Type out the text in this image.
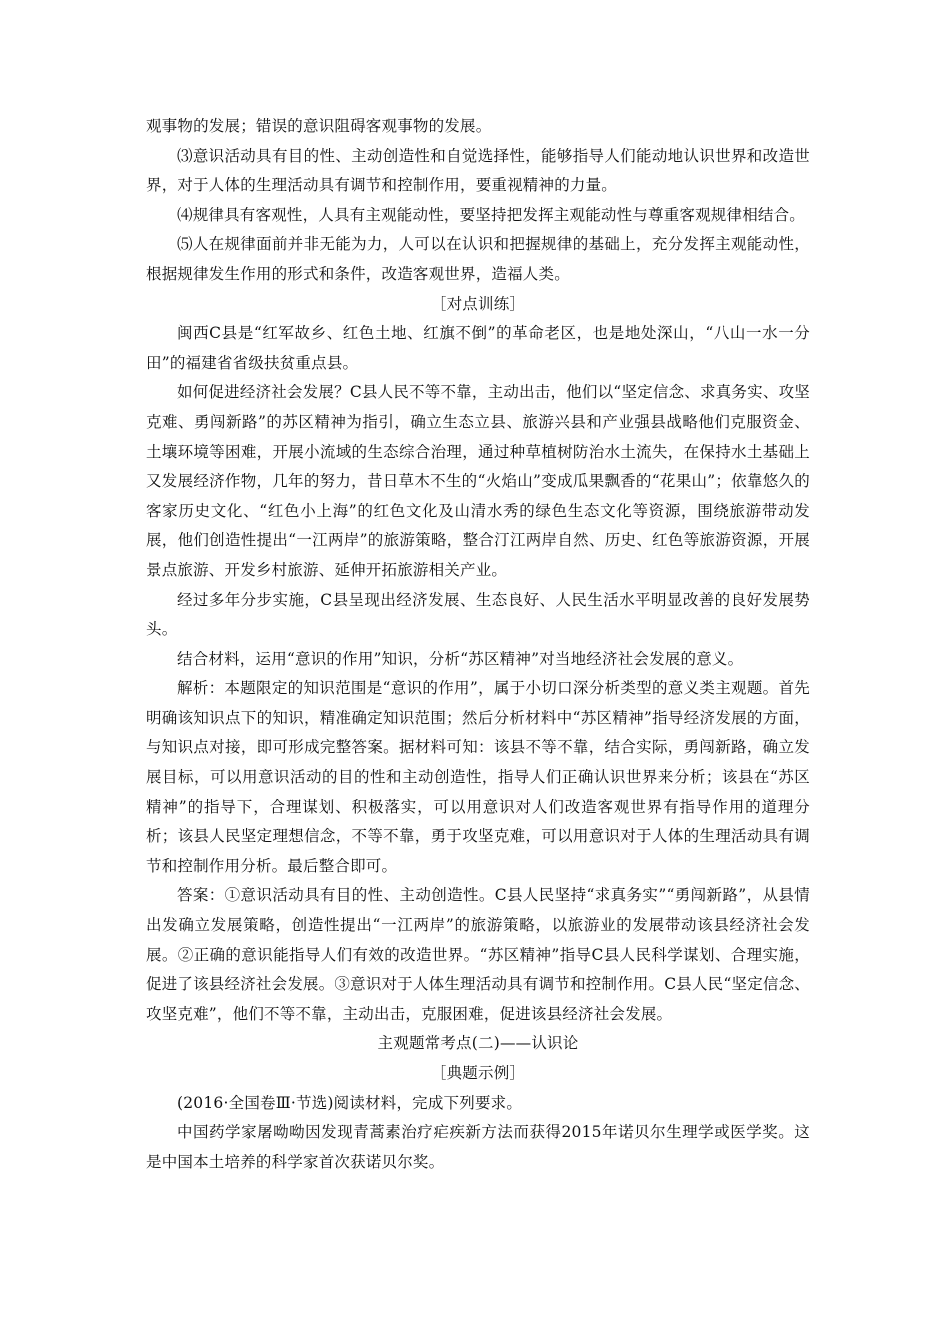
观事物的发展；错误的意识阻碍客观事物的发展。

⑶意识活动具有目的性、主动创造性和自觉选择性，能够指导人们能动地认识世界和改造世界，对于人体的生理活动具有调节和控制作用，要重视精神的力量。

⑷规律具有客观性，人具有主观能动性，要坚持把发挥主观能动性与尊重客观规律相结合。

⑸人在规律面前并非无能为力，人可以在认识和把握规律的基础上，充分发挥主观能动性，根据规律发生作用的形式和条件，改造客观世界，造福人类。

［对点训练］

闽西C县是“红军故乡、红色土地、红旗不倒”的革命老区，也是地处深山，“八山一水一分田”的福建省省级扶贫重点县。

如何促进经济社会发展？C县人民不等不靠，主动出击，他们以“坚定信念、求真务实、攻坚克难、勇闯新路”的苏区精神为指引，确立生态立县、旅游兴县和产业强县战略他们克服资金、土壤环境等困难，开展小流域的生态综合治理，通过种草植树防治水土流失，在保持水土基础上又发展经济作物，几年的努力，昔日草木不生的“火焰山”变成瓜果飘香的“花果山”；依靠悠久的客家历史文化、“红色小上海”的红色文化及山清水秀的绿色生态文化等资源，围绕旅游带动发展，他们创造性提出“一江两岸”的旅游策略，整合汀江两岸自然、历史、红色等旅游资源，开展景点旅游、开发乡村旅游、延伸开拓旅游相关产业。

经过多年分步实施，C县呈现出经济发展、生态良好、人民生活水平明显改善的良好发展势头。

结合材料，运用“意识的作用”知识，分析“苏区精神”对当地经济社会发展的意义。

解析：本题限定的知识范围是“意识的作用”，属于小切口深分析类型的意义类主观题。首先明确该知识点下的知识，精准确定知识范围；然后分析材料中“苏区精神”指导经济发展的方面，与知识点对接，即可形成完整答案。据材料可知：该县不等不靠，结合实际，勇闯新路，确立发展目标，可以用意识活动的目的性和主动创造性，指导人们正确认识世界来分析；该县在“苏区精神”的指导下，合理谋划、积极落实，可以用意识对人们改造客观世界有指导作用的道理分析；该县人民坚定理想信念，不等不靠，勇于攻坚克难，可以用意识对于人体的生理活动具有调节和控制作用分析。最后整合即可。

答案：①意识活动具有目的性、主动创造性。C县人民坚持“求真务实”“勇闯新路”，从县情出发确立发展策略，创造性提出“一江两岸”的旅游策略，以旅游业的发展带动该县经济社会发展。②正确的意识能指导人们有效的改造世界。“苏区精神”指导C县人民科学谋划、合理实施，促进了该县经济社会发展。③意识对于人体生理活动具有调节和控制作用。C县人民“坚定信念、攻坚克难”，他们不等不靠，主动出击，克服困难，促进该县经济社会发展。

主观题常考点(二)——认识论

［典题示例］

(2016·全国卷Ⅲ·节选)阅读材料，完成下列要求。

中国药学家屠呦呦因发现青蒿素治疗疟疾新方法而获得2015年诺贝尔生理学或医学奖。这是中国本土培养的科学家首次获诺贝尔奖。
